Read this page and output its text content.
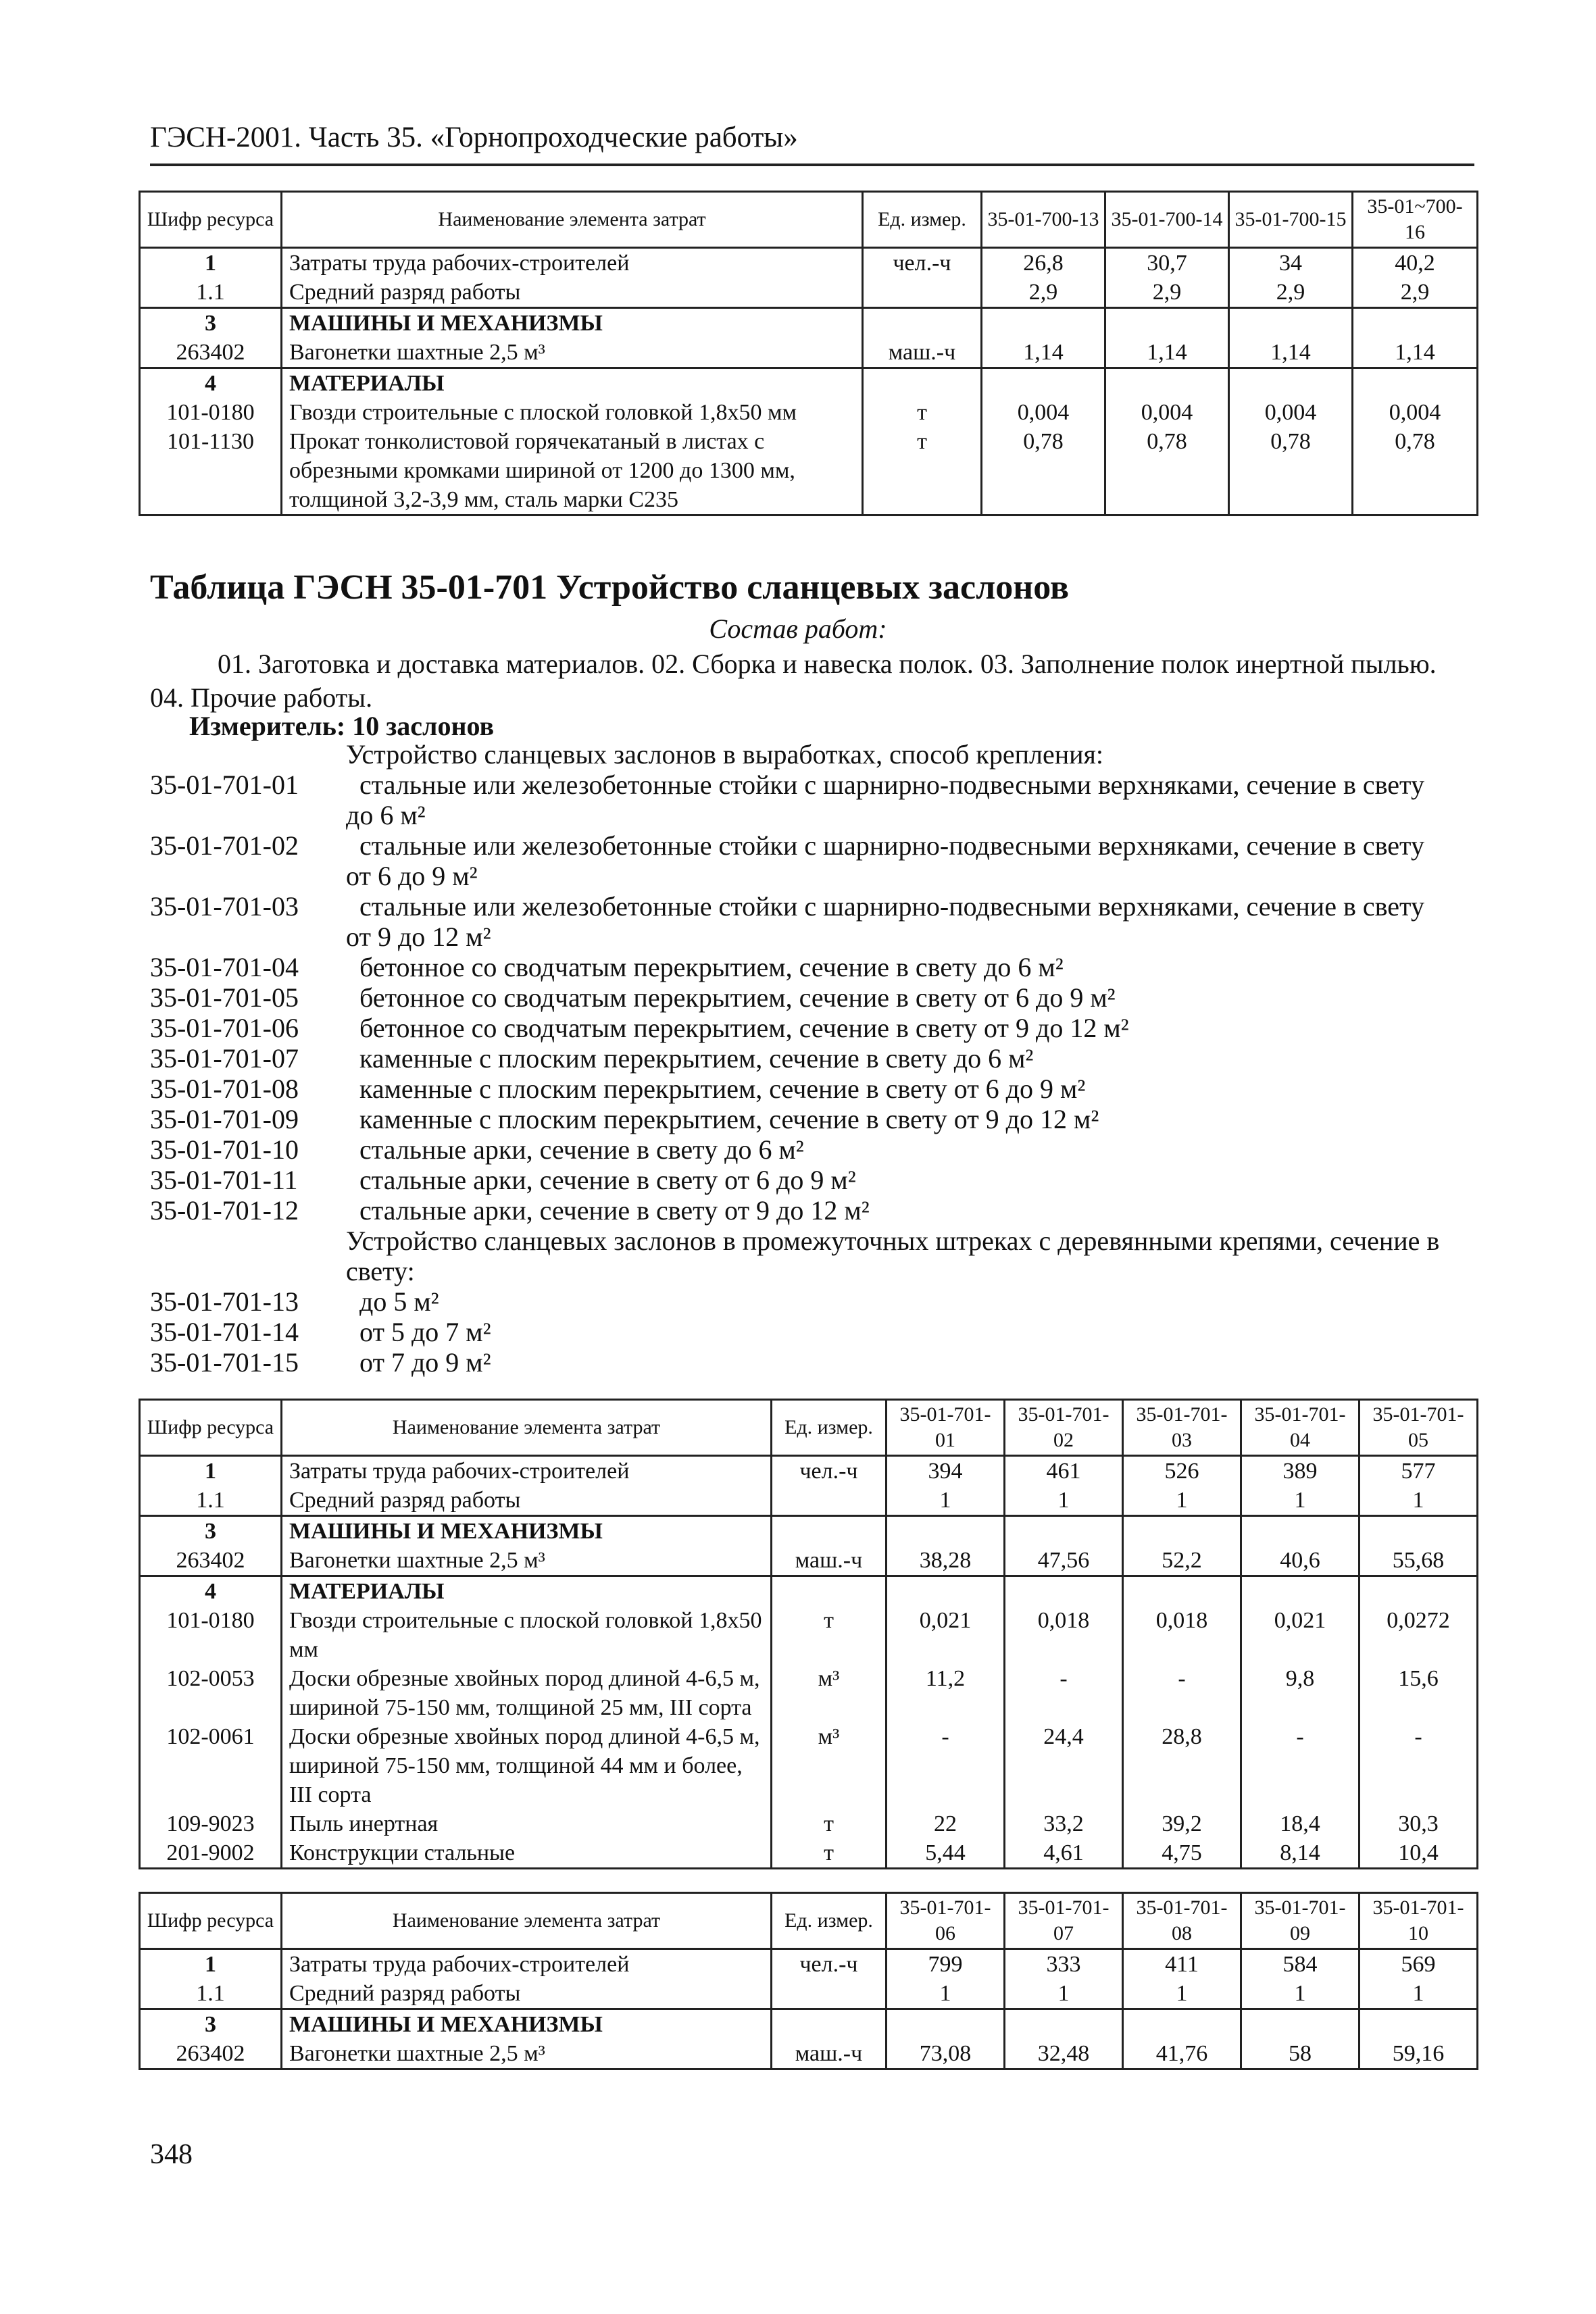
ГЭСН-2001. Часть 35. «Горнопроходческие работы»
Шифр ресурса	Наименование элемента затрат	Ед. измер.	35-01-700-13	35-01-700-14	35-01-700-15	35-01~700-16
1	Затраты труда рабочих-строителей	чел.-ч	26,8	30,7	34	40,2
1.1	Средний разряд работы		2,9	2,9	2,9	2,9
3	МАШИНЫ И МЕХАНИЗМЫ					
263402	Вагонетки шахтные 2,5 м³	маш.-ч	1,14	1,14	1,14	1,14
4	МАТЕРИАЛЫ					
101-0180	Гвозди строительные с плоской головкой 1,8x50 мм	т	0,004	0,004	0,004	0,004
101-1130	Прокат тонколистовой горячекатаный в листах с обрезными кромками шириной от 1200 до 1300 мм, толщиной 3,2-3,9 мм, сталь марки С235	т	0,78	0,78	0,78	0,78
Таблица ГЭСН 35-01-701 Устройство сланцевых заслонов
Состав работ:
01. Заготовка и доставка материалов. 02. Сборка и навеска полок. 03. Заполнение полок инертной пылью. 04. Прочие работы.
Измеритель: 10 заслонов
Устройство сланцевых заслонов в выработках, способ крепления:
35-01-701-01	стальные или железобетонные стойки с шарнирно-подвесными верхняками, сечение в свету
до 6 м²
35-01-701-02	стальные или железобетонные стойки с шарнирно-подвесными верхняками, сечение в свету
от 6 до 9 м²
35-01-701-03	стальные или железобетонные стойки с шарнирно-подвесными верхняками, сечение в свету
от 9 до 12 м²
35-01-701-04	бетонное со сводчатым перекрытием, сечение в свету до 6 м²
35-01-701-05	бетонное со сводчатым перекрытием, сечение в свету от 6 до 9 м²
35-01-701-06	бетонное со сводчатым перекрытием, сечение в свету от 9 до 12 м²
35-01-701-07	каменные с плоским перекрытием, сечение в свету до 6 м²
35-01-701-08	каменные с плоским перекрытием, сечение в свету от 6 до 9 м²
35-01-701-09	каменные с плоским перекрытием, сечение в свету от 9 до 12 м²
35-01-701-10	стальные арки, сечение в свету до 6 м²
35-01-701-11	стальные арки, сечение в свету от 6 до 9 м²
35-01-701-12	стальные арки, сечение в свету от 9 до 12 м²
Устройство сланцевых заслонов в промежуточных штреках с деревянными крепями, сечение в
свету:
35-01-701-13	до 5 м²
35-01-701-14	от 5 до 7 м²
35-01-701-15	от 7 до 9 м²
Шифр ресурса	Наименование элемента затрат	Ед. измер.	35-01-701-01	35-01-701-02	35-01-701-03	35-01-701-04	35-01-701-05
1	Затраты труда рабочих-строителей	чел.-ч	394	461	526	389	577
1.1	Средний разряд работы		1	1	1	1	1
3	МАШИНЫ И МЕХАНИЗМЫ						
263402	Вагонетки шахтные 2,5 м³	маш.-ч	38,28	47,56	52,2	40,6	55,68
4	МАТЕРИАЛЫ						
101-0180	Гвозди строительные с плоской головкой 1,8x50 мм	т	0,021	0,018	0,018	0,021	0,0272
102-0053	Доски обрезные хвойных пород длиной 4-6,5 м, шириной 75-150 мм, толщиной 25 мм, III сорта	м³	11,2	-	-	9,8	15,6
102-0061	Доски обрезные хвойных пород длиной 4-6,5 м, шириной 75-150 мм, толщиной 44 мм и более, III сорта	м³	-	24,4	28,8	-	-
109-9023	Пыль инертная	т	22	33,2	39,2	18,4	30,3
201-9002	Конструкции стальные	т	5,44	4,61	4,75	8,14	10,4
Шифр ресурса	Наименование элемента затрат	Ед. измер.	35-01-701-06	35-01-701-07	35-01-701-08	35-01-701-09	35-01-701-10
1	Затраты труда рабочих-строителей	чел.-ч	799	333	411	584	569
1.1	Средний разряд работы		1	1	1	1	1
3	МАШИНЫ И МЕХАНИЗМЫ						
263402	Вагонетки шахтные 2,5 м³	маш.-ч	73,08	32,48	41,76	58	59,16
348
